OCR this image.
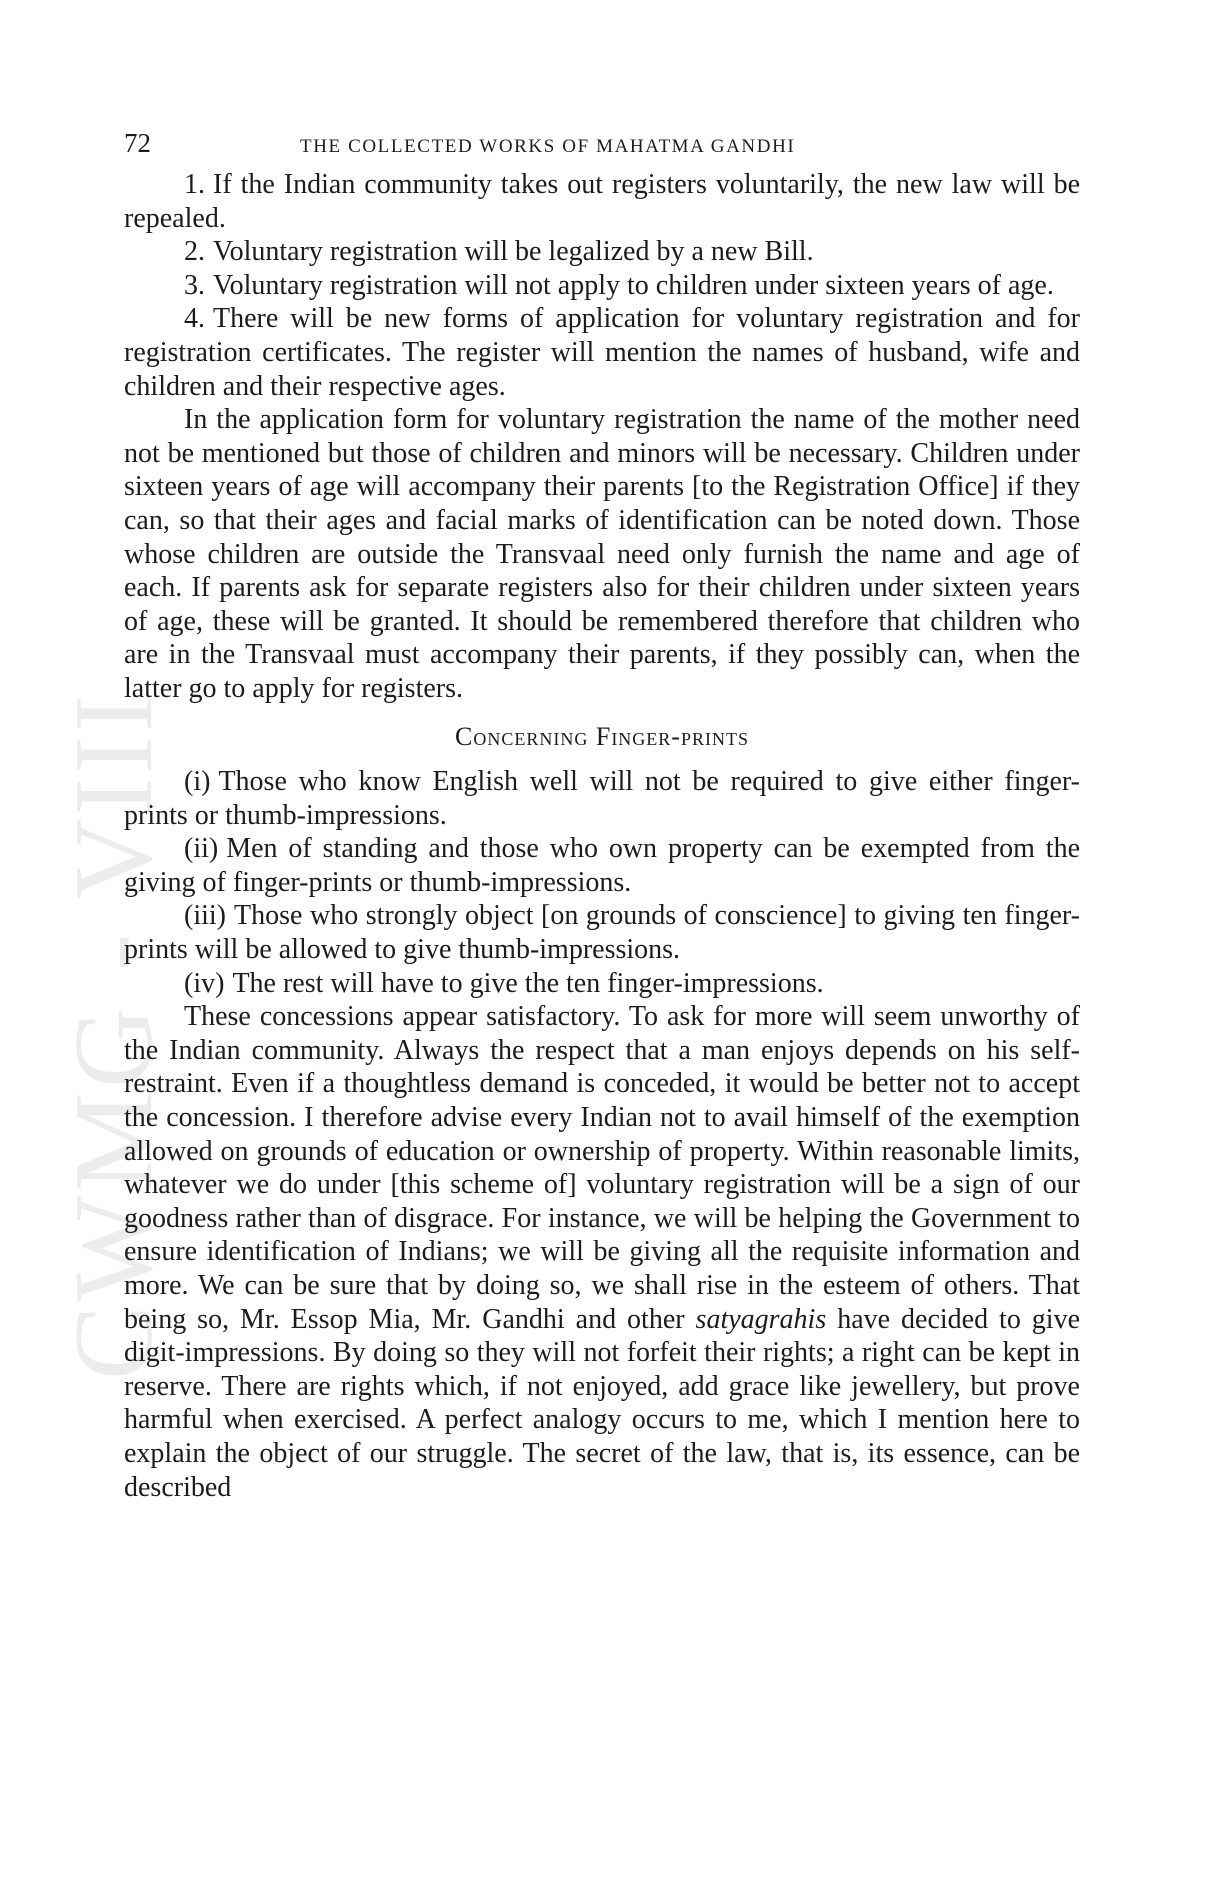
CWMG - VIII
72	THE COLLECTED WORKS OF MAHATMA GANDHI

1. If the Indian community takes out registers voluntarily, the new law will be repealed.

2. Voluntary registration will be legalized by a new Bill.

3. Voluntary registration will not apply to children under sixteen years of age.

4. There will be new forms of application for voluntary registration and for registration certificates. The register will mention the names of husband, wife and children and their respective ages.

In the application form for voluntary registration the name of the mother need not be mentioned but those of children and minors will be necessary. Children under sixteen years of age will accompany their parents [to the Registration Office] if they can, so that their ages and facial marks of identification can be noted down. Those whose children are outside the Transvaal need only furnish the name and age of each. If parents ask for separate registers also for their children under sixteen years of age, these will be granted. It should be remembered therefore that children who are in the Transvaal must accompany their parents, if they possibly can, when the latter go to apply for registers.

Concerning Finger-prints

(i) Those who know English well will not be required to give either finger-prints or thumb-impressions.

(ii) Men of standing and those who own property can be exempted from the giving of finger-prints or thumb-impressions.

(iii) Those who strongly object [on grounds of conscience] to giving ten finger-prints will be allowed to give thumb-impressions.

(iv) The rest will have to give the ten finger-impressions.

These concessions appear satisfactory. To ask for more will seem unworthy of the Indian community. Always the respect that a man enjoys depends on his self-restraint. Even if a thoughtless demand is conceded, it would be better not to accept the concession. I therefore advise every Indian not to avail himself of the exemption allowed on grounds of education or ownership of property. Within reasonable limits, whatever we do under [this scheme of] voluntary registration will be a sign of our goodness rather than of disgrace. For instance, we will be helping the Government to ensure identification of Indians; we will be giving all the requisite information and more. We can be sure that by doing so, we shall rise in the esteem of others. That being so, Mr. Essop Mia, Mr. Gandhi and other satyagrahis have decided to give digit-impressions. By doing so they will not forfeit their rights; a right can be kept in reserve. There are rights which, if not enjoyed, add grace like jewellery, but prove harmful when exercised. A perfect analogy occurs to me, which I mention here to explain the object of our struggle. The secret of the law, that is, its essence, can be described
